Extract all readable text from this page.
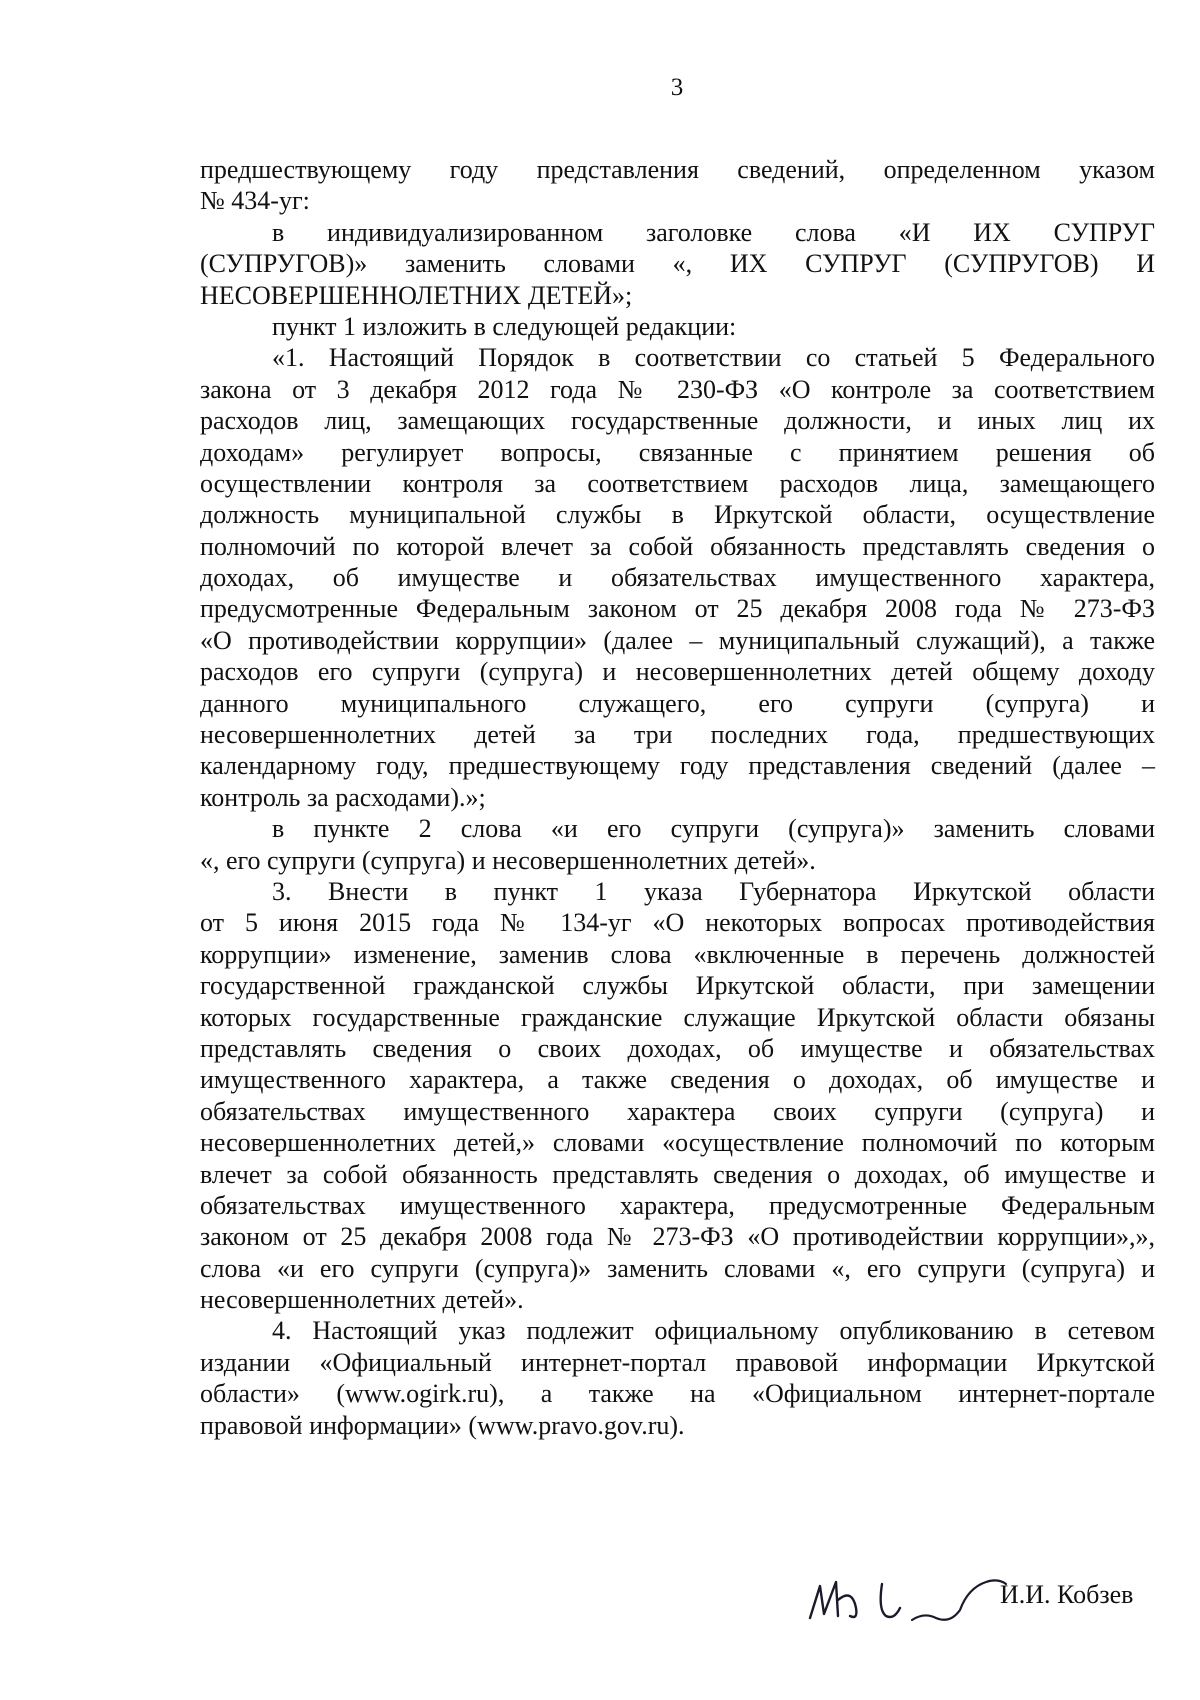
3
предшествующему году представления сведений, определенном указом
№ 434-уг:
в индивидуализированном заголовке слова «И ИХ СУПРУГ
(СУПРУГОВ)» заменить словами «, ИХ СУПРУГ (СУПРУГОВ) И
НЕСОВЕРШЕННОЛЕТНИХ ДЕТЕЙ»;
пункт 1 изложить в следующей редакции:
«1. Настоящий Порядок в соответствии со статьей 5 Федерального
закона от 3 декабря 2012 года № 230-ФЗ «О контроле за соответствием
расходов лиц, замещающих государственные должности, и иных лиц их
доходам» регулирует вопросы, связанные с принятием решения об
осуществлении контроля за соответствием расходов лица, замещающего
должность муниципальной службы в Иркутской области, осуществление
полномочий по которой влечет за собой обязанность представлять сведения о
доходах, об имуществе и обязательствах имущественного характера,
предусмотренные Федеральным законом от 25 декабря 2008 года № 273-ФЗ
«О противодействии коррупции» (далее – муниципальный служащий), а также
расходов его супруги (супруга) и несовершеннолетних детей общему доходу
данного муниципального служащего, его супруги (супруга) и
несовершеннолетних детей за три последних года, предшествующих
календарному году, предшествующему году представления сведений (далее –
контроль за расходами).»;
в пункте 2 слова «и его супруги (супруга)» заменить словами
«, его супруги (супруга) и несовершеннолетних детей».
3. Внести в пункт 1 указа Губернатора Иркутской области
от 5 июня 2015 года № 134-уг «О некоторых вопросах противодействия
коррупции» изменение, заменив слова «включенные в перечень должностей
государственной гражданской службы Иркутской области, при замещении
которых государственные гражданские служащие Иркутской области обязаны
представлять сведения о своих доходах, об имуществе и обязательствах
имущественного характера, а также сведения о доходах, об имуществе и
обязательствах имущественного характера своих супруги (супруга) и
несовершеннолетних детей,» словами «осуществление полномочий по которым
влечет за собой обязанность представлять сведения о доходах, об имуществе и
обязательствах имущественного характера, предусмотренные Федеральным
законом от 25 декабря 2008 года № 273-ФЗ «О противодействии коррупции»,»,
слова «и его супруги (супруга)» заменить словами «, его супруги (супруга) и
несовершеннолетних детей».
4. Настоящий указ подлежит официальному опубликованию в сетевом
издании «Официальный интернет-портал правовой информации Иркутской
области» (www.ogirk.ru), а также на «Официальном интернет-портале
правовой информации» (www.pravo.gov.ru).
И.И. Кобзев
